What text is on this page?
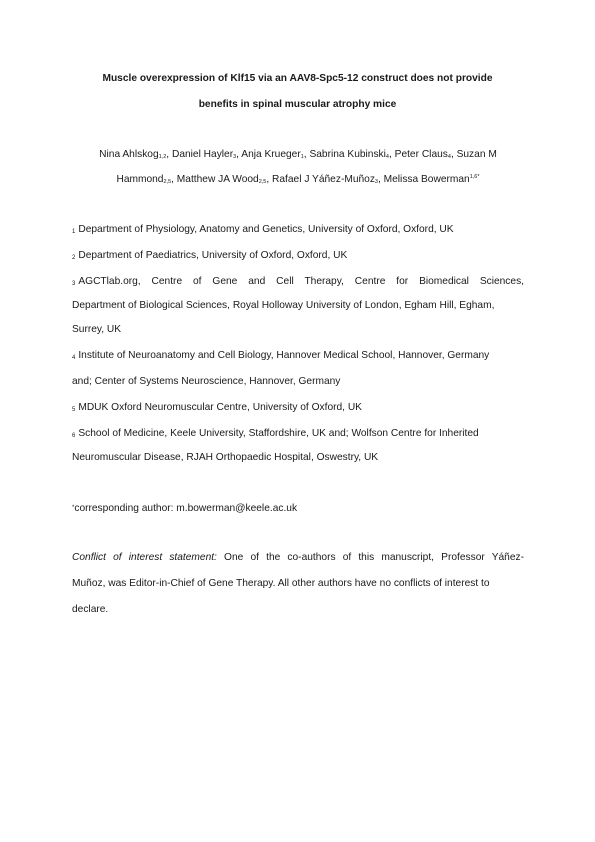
Muscle overexpression of Klf15 via an AAV8-Spc5-12 construct does not provide
benefits in spinal muscular atrophy mice
Nina Ahlskog$_{1,2}$, Daniel Hayler$_3$, Anja Krueger$_1$, Sabrina Kubinski$_4$, Peter Claus$_4$, Suzan M
Hammond$_{2,5}$, Matthew JA Wood$_{2,5}$, Rafael J Yáñez-Muñoz$_3$, Melissa Bowerman$^{1,6*}$
1 Department of Physiology, Anatomy and Genetics, University of Oxford, Oxford, UK
2 Department of Paediatrics, University of Oxford, Oxford, UK
3 AGCTlab.org, Centre of Gene and Cell Therapy, Centre for Biomedical Sciences,
Department of Biological Sciences, Royal Holloway University of London, Egham Hill, Egham,
Surrey, UK
4 Institute of Neuroanatomy and Cell Biology, Hannover Medical School, Hannover, Germany
and; Center of Systems Neuroscience, Hannover, Germany
5 MDUK Oxford Neuromuscular Centre, University of Oxford, UK
6 School of Medicine, Keele University, Staffordshire, UK and; Wolfson Centre for Inherited
Neuromuscular Disease, RJAH Orthopaedic Hospital, Oswestry, UK
*corresponding author: m.bowerman@keele.ac.uk
Conflict of interest statement: One of the co-authors of this manuscript, Professor Yáñez-
Muñoz, was Editor-in-Chief of Gene Therapy. All other authors have no conflicts of interest to
declare.
